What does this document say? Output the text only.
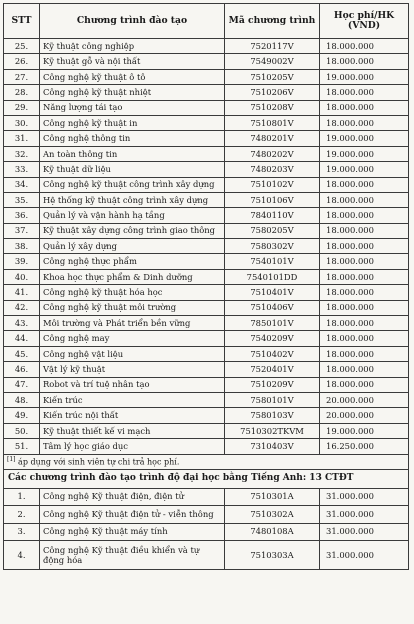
STT	Chương trình đào tạo	Mã chương trình	Học phí/HK (VND)
25.	Kỹ thuật công nghiệp	7520117V	18.000.000
26.	Kỹ thuật gỗ và nội thất	7549002V	18.000.000
27.	Công nghệ kỹ thuật ô tô	7510205V	19.000.000
28.	Công nghệ kỹ thuật nhiệt	7510206V	18.000.000
29.	Năng lượng tái tạo	7510208V	18.000.000
30.	Công nghệ kỹ thuật in	7510801V	18.000.000
31.	Công nghệ thông tin	7480201V	19.000.000
32.	An toàn thông tin	7480202V	19.000.000
33.	Kỹ thuật dữ liệu	7480203V	19.000.000
34.	Công nghệ kỹ thuật công trình xây dựng	7510102V	18.000.000
35.	Hệ thống kỹ thuật công trình xây dựng	7510106V	18.000.000
36.	Quản lý và vận hành hạ tầng	7840110V	18.000.000
37.	Kỹ thuật xây dựng công trình giao thông	7580205V	18.000.000
38.	Quản lý xây dựng	7580302V	18.000.000
39.	Công nghệ thực phẩm	7540101V	18.000.000
40.	Khoa học thực phẩm & Dinh dưỡng	7540101DD	18.000.000
41.	Công nghệ kỹ thuật hóa học	7510401V	18.000.000
42.	Công nghệ kỹ thuật môi trường	7510406V	18.000.000
43.	Môi trường và Phát triển bền vững	7850101V	18.000.000
44.	Công nghệ may	7540209V	18.000.000
45.	Công nghệ vật liệu	7510402V	18.000.000
46.	Vật lý kỹ thuật	7520401V	18.000.000
47.	Robot và trí tuệ nhân tạo	7510209V	18.000.000
48.	Kiến trúc	7580101V	20.000.000
49.	Kiến trúc nội thất	7580103V	20.000.000
50.	Kỹ thuật thiết kế vi mạch	7510302TKVM	19.000.000
51.	Tâm lý học giáo dục	7310403V	16.250.000
[1] áp dụng với sinh viên tự chi trả học phí.			
Các chương trình đào tạo trình độ đại học bằng Tiếng Anh: 13 CTĐT			
1.	Công nghệ Kỹ thuật điện, điện tử	7510301A	31.000.000
2.	Công nghệ Kỹ thuật điện tử - viễn thông	7510302A	31.000.000
3.	Công nghệ Kỹ thuật máy tính	7480108A	31.000.000
4.	Công nghệ Kỹ thuật điều khiển và tự động hóa	7510303A	31.000.000
